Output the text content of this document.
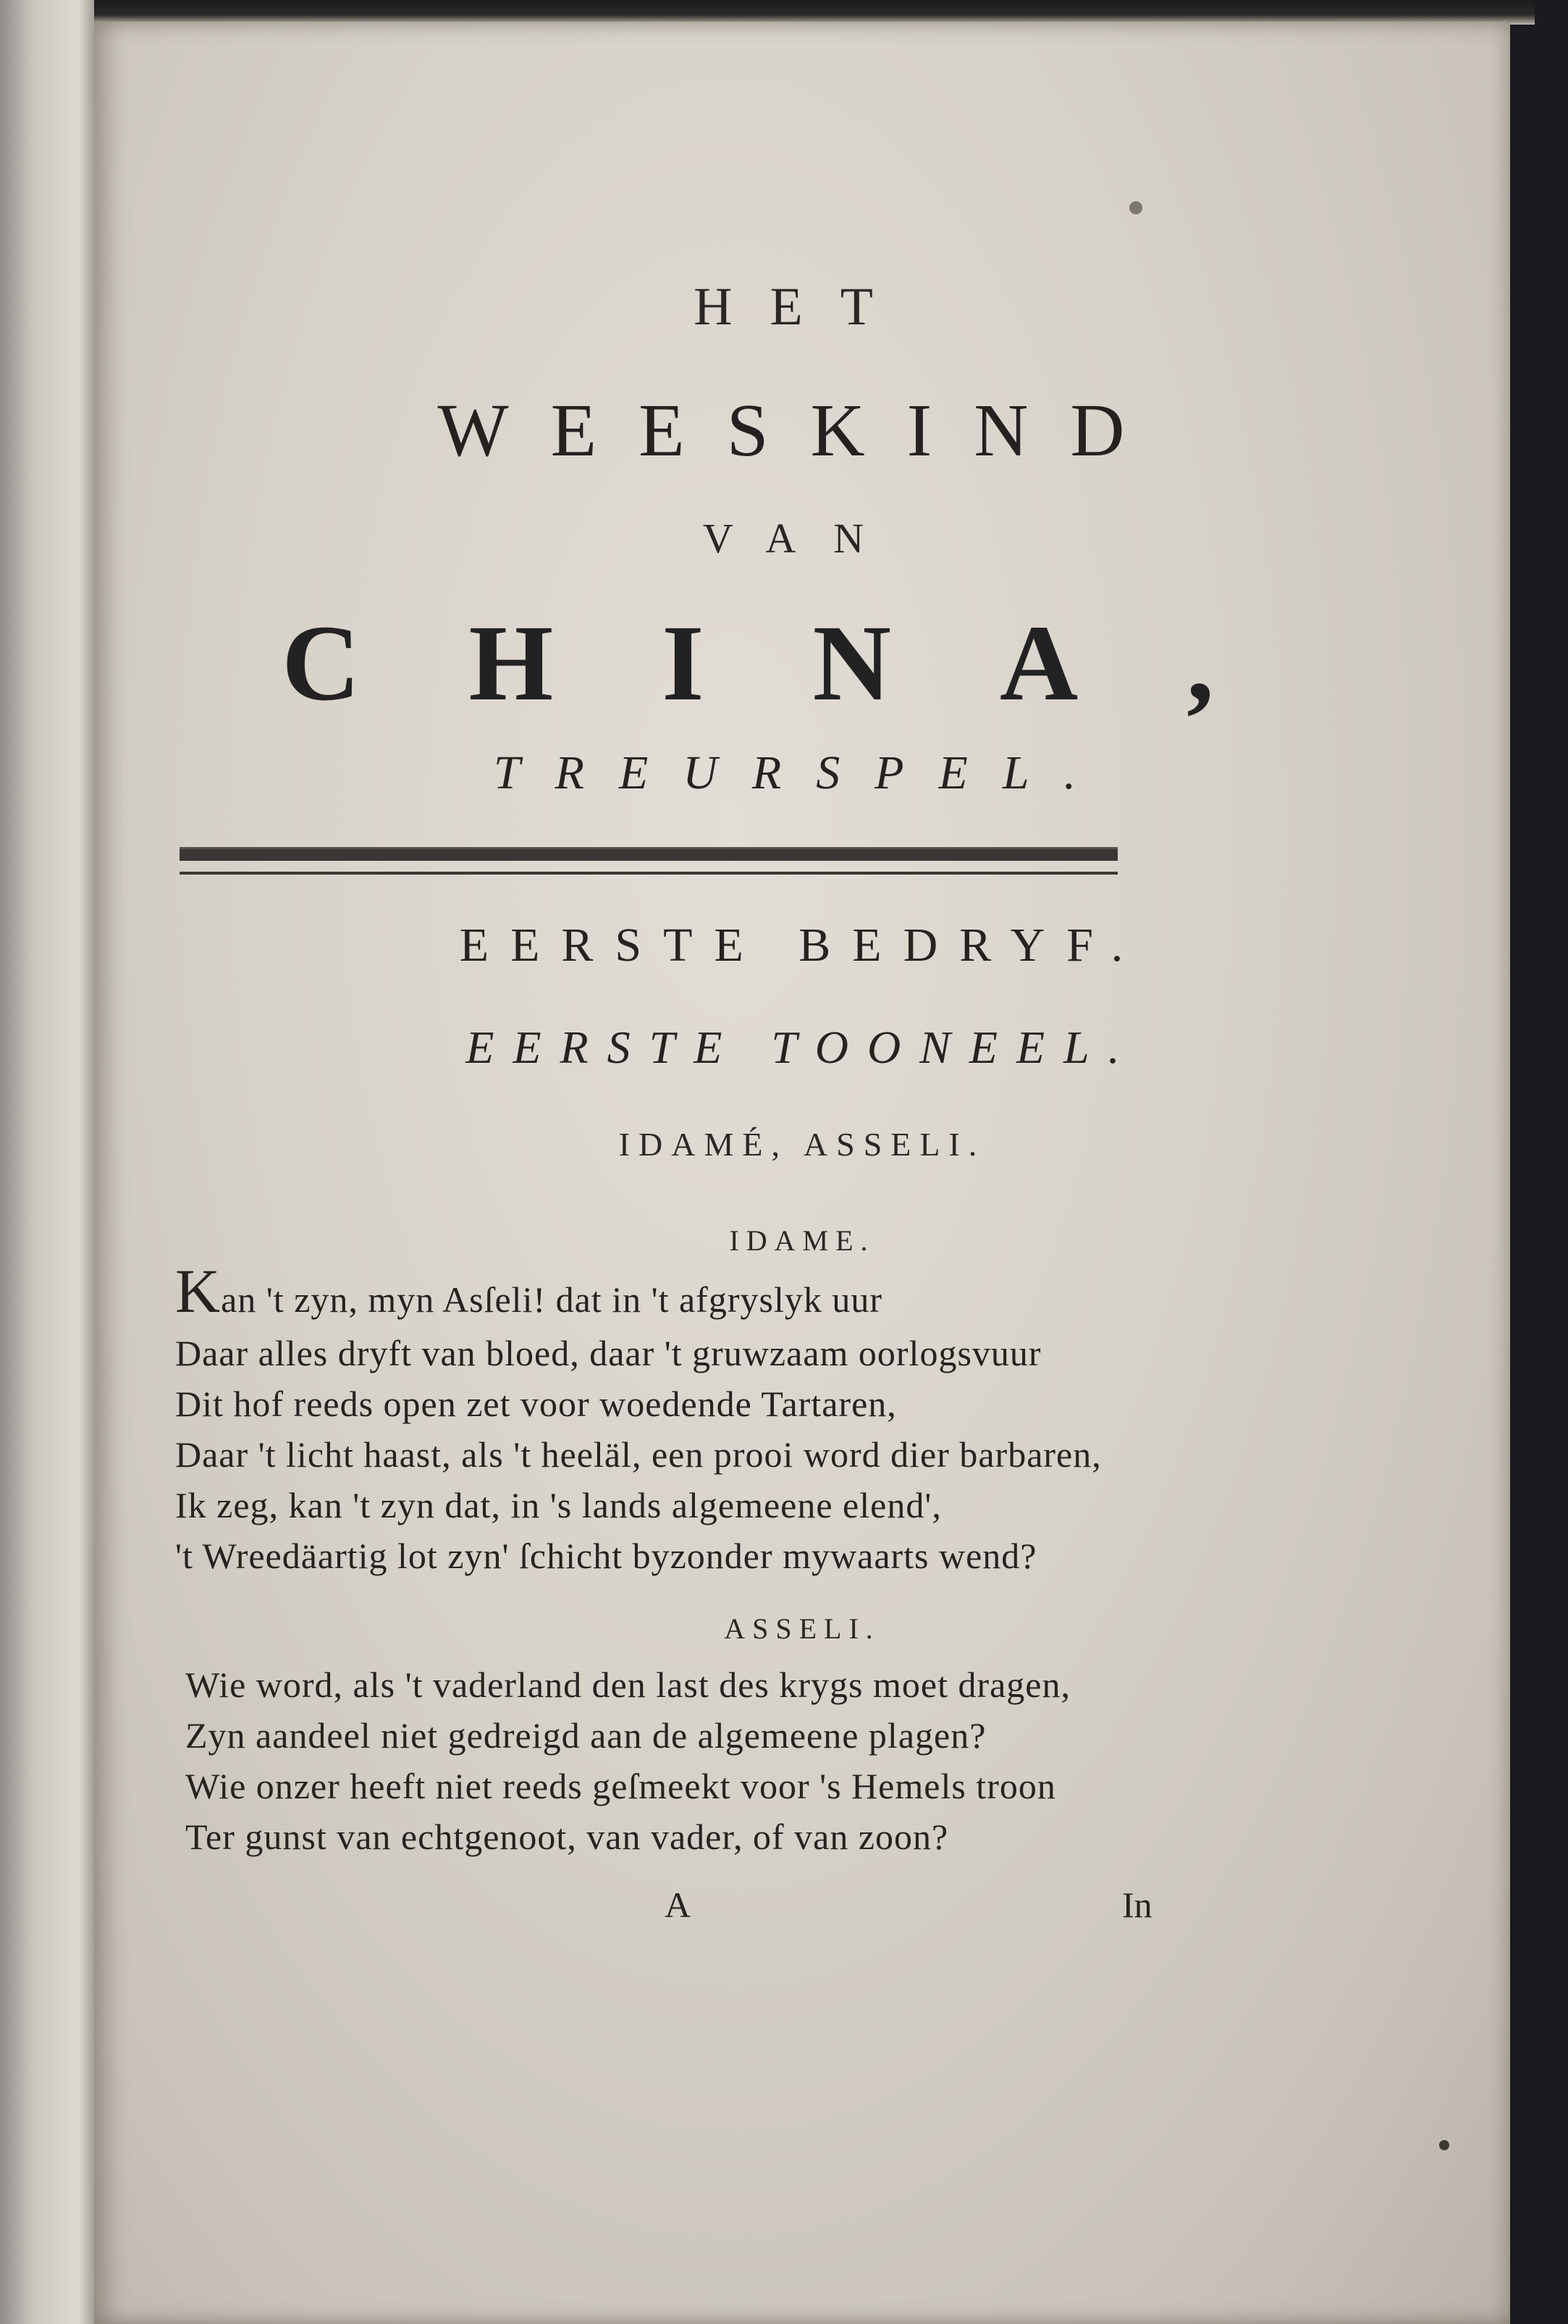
HET

WEESKIND

VAN

CHINA,

TREURSPEL.

EERSTE BEDRYF.

EERSTE TOONEEL.

IDAMÉ, ASSELI.

IDAME.

Kan 't zyn, myn Asſeli! dat in 't afgryslyk uur

Daar alles dryft van bloed, daar 't gruwzaam oorlogsvuur

Dit hof reeds open zet voor woedende Tartaren,

Daar 't licht haast, als 't heeläl, een prooi word dier barbaren,

Ik zeg, kan 't zyn dat, in 's lands algemeene elend',

't Wreedäartig lot zyn' ſchicht byzonder mywaarts wend?

ASSELI.

Wie word, als 't vaderland den last des krygs moet dragen,

Zyn aandeel niet gedreigd aan de algemeene plagen?

Wie onzer heeft niet reeds geſmeekt voor 's Hemels troon

Ter gunst van echtgenoot, van vader, of van zoon?

A	In
